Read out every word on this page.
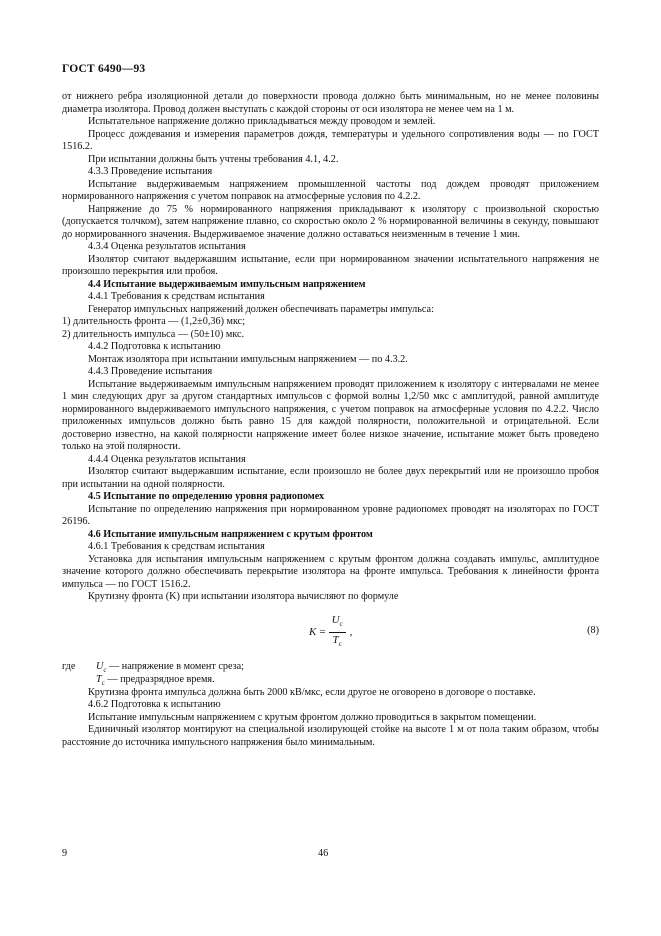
ГОСТ 6490—93

от нижнего ребра изоляционной детали до поверхности провода должно быть минимальным, но не менее половины диаметра изолятора. Провод должен выступать с каждой стороны от оси изолятора не менее чем на 1 м.

Испытательное напряжение должно прикладываться между проводом и землей.

Процесс дождевания и измерения параметров дождя, температуры и удельного сопротивления воды — по ГОСТ 1516.2.

При испытании должны быть учтены требования 4.1, 4.2.

4.3.3 Проведение испытания

Испытание выдерживаемым напряжением промышленной частоты под дождем проводят приложением нормированного напряжения с учетом поправок на атмосферные условия по 4.2.2.

Напряжение до 75 % нормированного напряжения прикладывают к изолятору с произвольной скоростью (допускается толчком), затем напряжение плавно, со скоростью около 2 % нормированной величины в секунду, повышают до нормированного значения. Выдерживаемое значение должно оставаться неизменным в течение 1 мин.

4.3.4 Оценка результатов испытания

Изолятор считают выдержавшим испытание, если при нормированном значении испытательного напряжения не произошло перекрытия или пробоя.

4.4 Испытание выдерживаемым импульсным напряжением

4.4.1 Требования к средствам испытания

Генератор импульсных напряжений должен обеспечивать параметры импульса:

1) длительность фронта — (1,2±0,36) мкс;

2) длительность импульса — (50±10) мкс.

4.4.2 Подготовка к испытанию

Монтаж изолятора при испытании импульсным напряжением — по 4.3.2.

4.4.3 Проведение испытания

Испытание выдерживаемым импульсным напряжением проводят приложением к изолятору с интервалами не менее 1 мин следующих друг за другом стандартных импульсов с формой волны 1,2/50 мкс с амплитудой, равной амплитуде нормированного выдерживаемого импульсного напряжения, с учетом поправок на атмосферные условия по 4.2.2. Число приложенных импульсов должно быть равно 15 для каждой полярности, положительной и отрицательной. Если достоверно известно, на какой полярности напряжение имеет более низкое значение, испытание может быть проведено только на этой полярности.

4.4.4 Оценка результатов испытания

Изолятор считают выдержавшим испытание, если произошло не более двух перекрытий или не произошло пробоя при испытании на одной полярности.

4.5 Испытание по определению уровня радиопомех

Испытание по определению напряжения при нормированном уровне радиопомех проводят на изоляторах по ГОСТ 26196.

4.6 Испытание импульсным напряжением с крутым фронтом

4.6.1 Требования к средствам испытания

Установка для испытания импульсным напряжением с крутым фронтом должна создавать импульс, амплитудное значение которого должно обеспечивать перекрытие изолятора на фронте импульса. Требования к линейности фронта импульса — по ГОСТ 1516.2.

Крутизну фронта (K) при испытании изолятора вычисляют по формуле

$K = \frac{U_c}{T_c}$ ,	(8)
где $U_c$ — напряжение в момент среза;
$T_c$ — предразрядное время.

Крутизна фронта импульса должна быть 2000 кВ/мкс, если другое не оговорено в договоре о поставке.

4.6.2 Подготовка к испытанию

Испытание импульсным напряжением с крутым фронтом должно проводиться в закрытом помещении.

Единичный изолятор монтируют на специальной изолирующей стойке на высоте 1 м от пола таким образом, чтобы расстояние до источника импульсного напряжения было минимальным.

9	46
